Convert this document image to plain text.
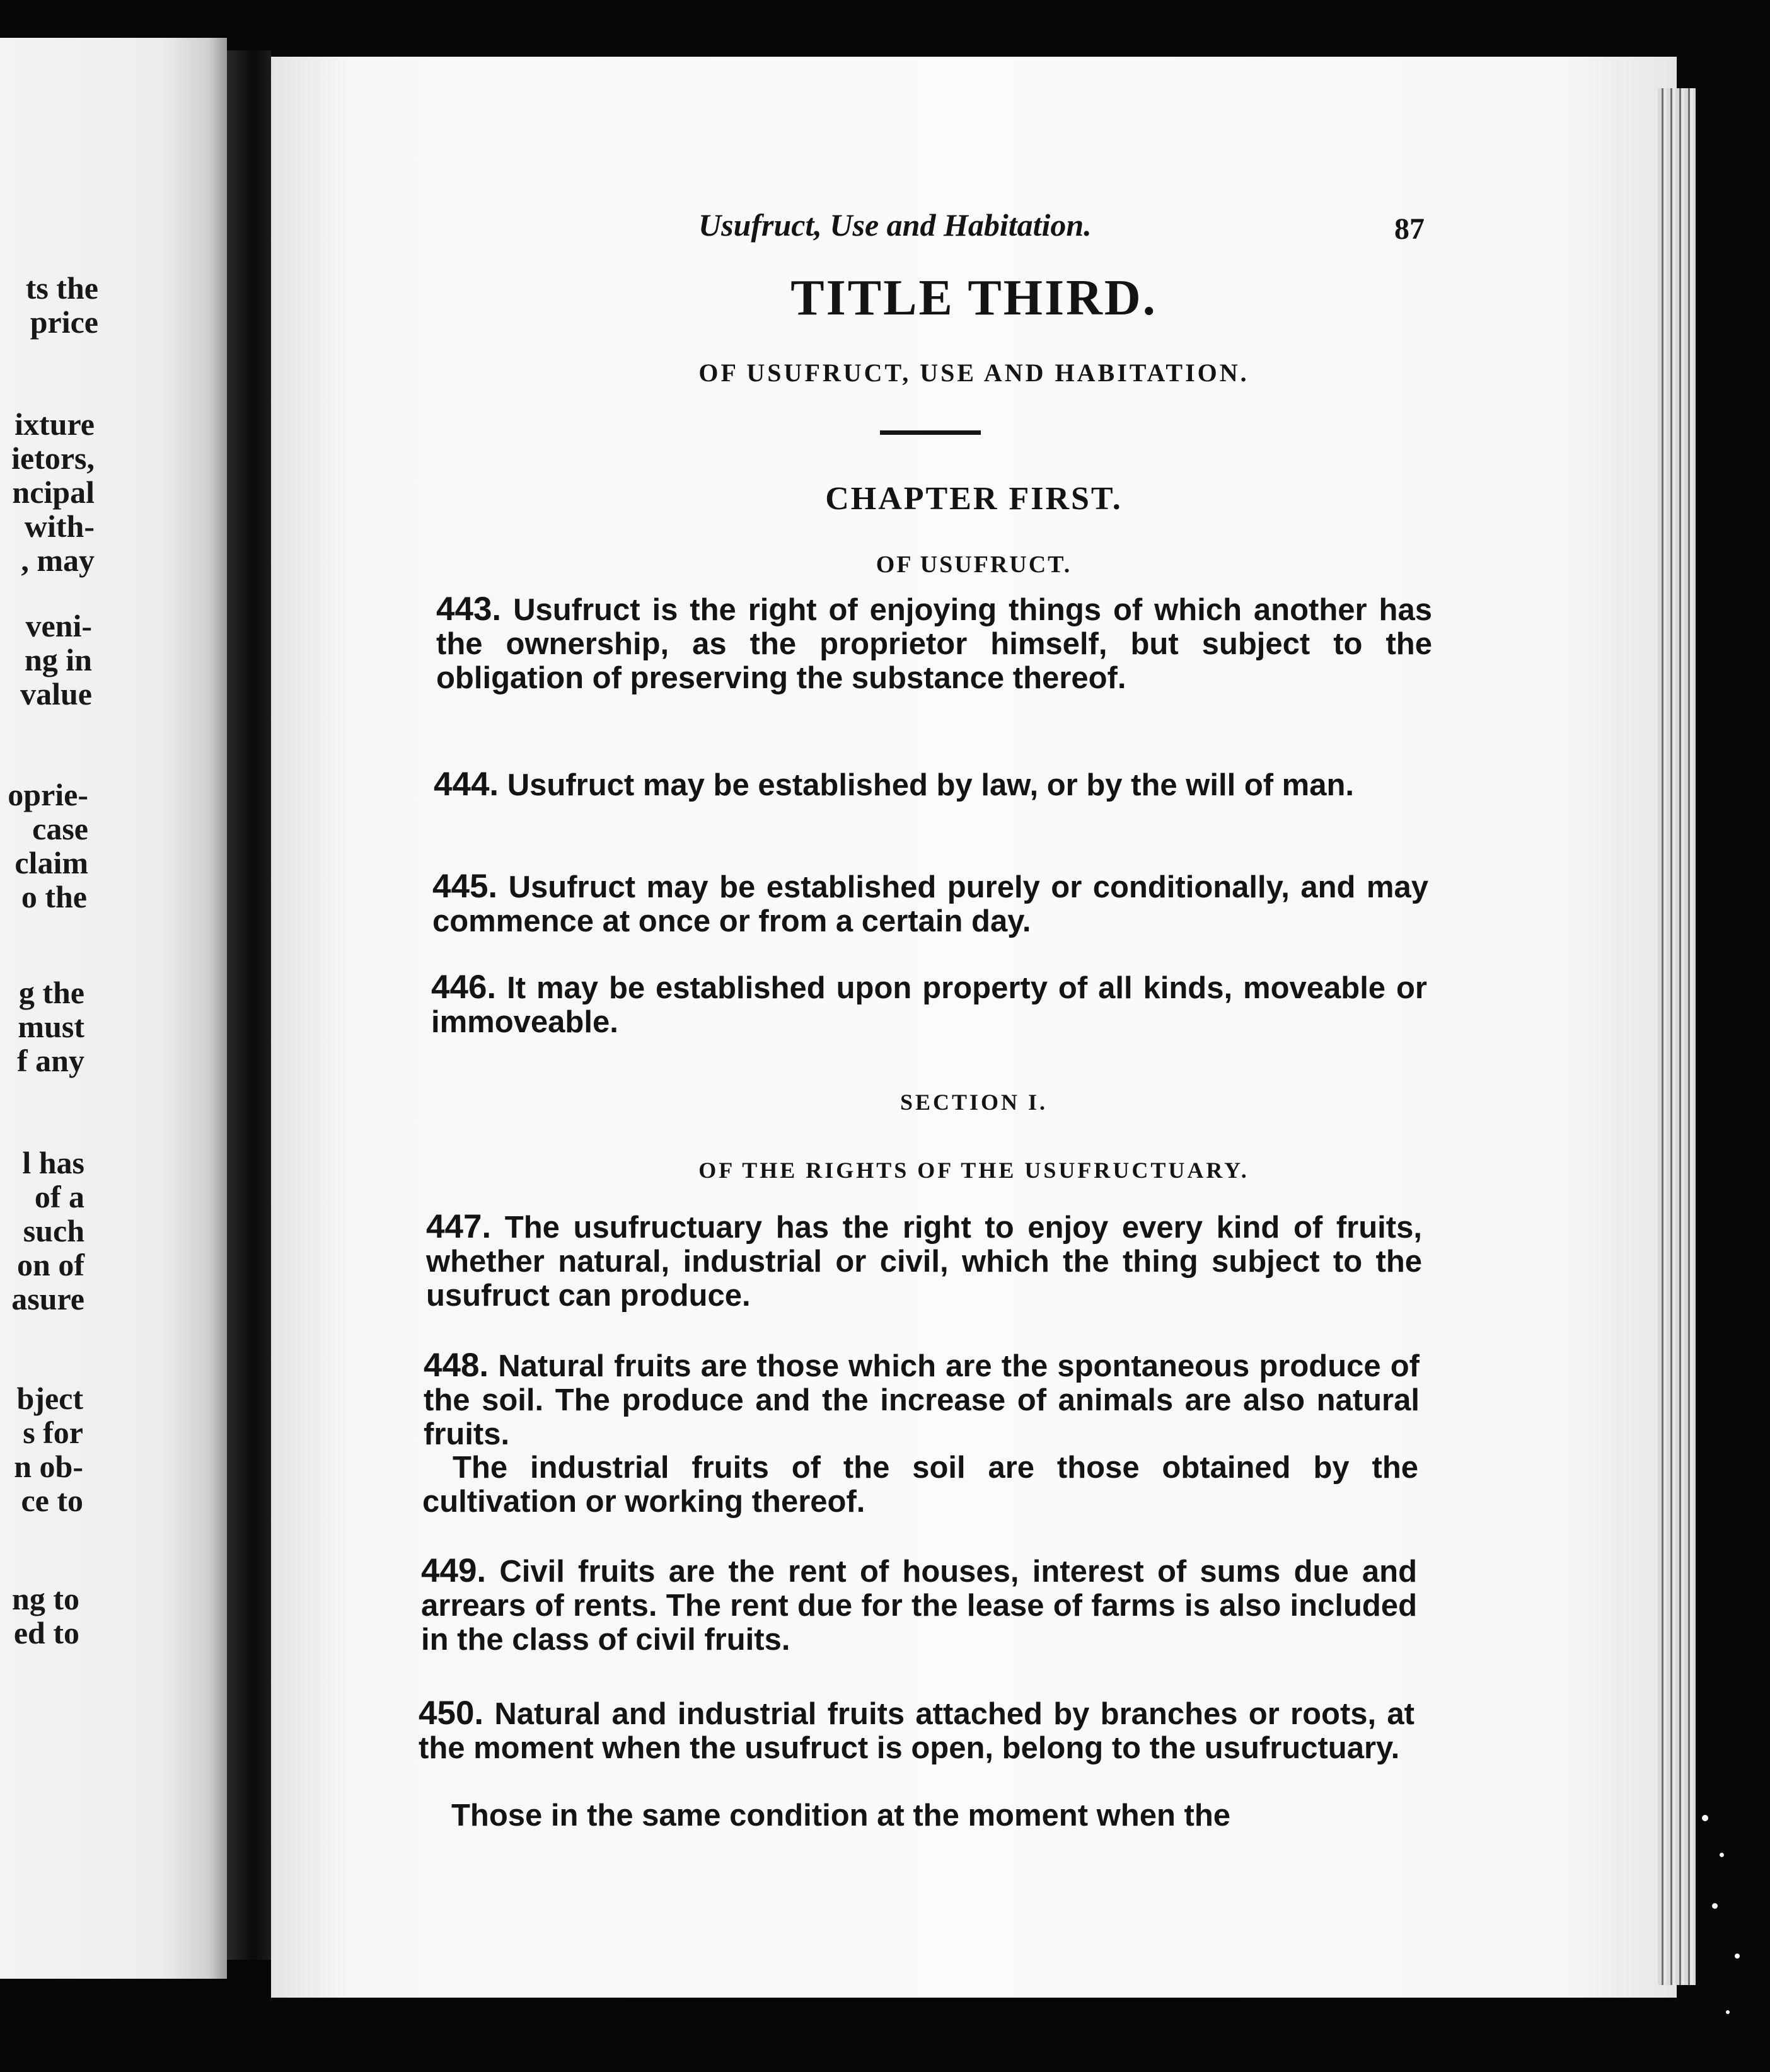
ts the
price
ixture
ietors,
ncipal
with-
, may
veni-
ng in
value
oprie-
case
claim
o the
g the
must
f any
l has
of a
such
on of
asure
bject
s for
n ob-
ce to
ng to
ed to
Usufruct, Use and Habitation.	87
TITLE THIRD.
OF USUFRUCT, USE AND HABITATION.
CHAPTER FIRST.
OF USUFRUCT.

443. Usufruct is the right of enjoying things of which another has the ownership, as the proprietor himself, but subject to the obligation of preserving the substance thereof.

444. Usufruct may be established by law, or by the will of man.

445. Usufruct may be established purely or conditionally, and may commence at once or from a certain day.

446. It may be established upon property of all kinds, moveable or immoveable.

SECTION I.
OF THE RIGHTS OF THE USUFRUCTUARY.

447. The usufructuary has the right to enjoy every kind of fruits, whether natural, industrial or civil, which the thing subject to the usufruct can produce.

448. Natural fruits are those which are the spontaneous produce of the soil. The produce and the increase of animals are also natural fruits.

The industrial fruits of the soil are those obtained by the cultivation or working thereof.

449. Civil fruits are the rent of houses, interest of sums due and arrears of rents. The rent due for the lease of farms is also included in the class of civil fruits.

450. Natural and industrial fruits attached by branches or roots, at the moment when the usufruct is open, belong to the usufructuary.

Those in the same condition at the moment when the
